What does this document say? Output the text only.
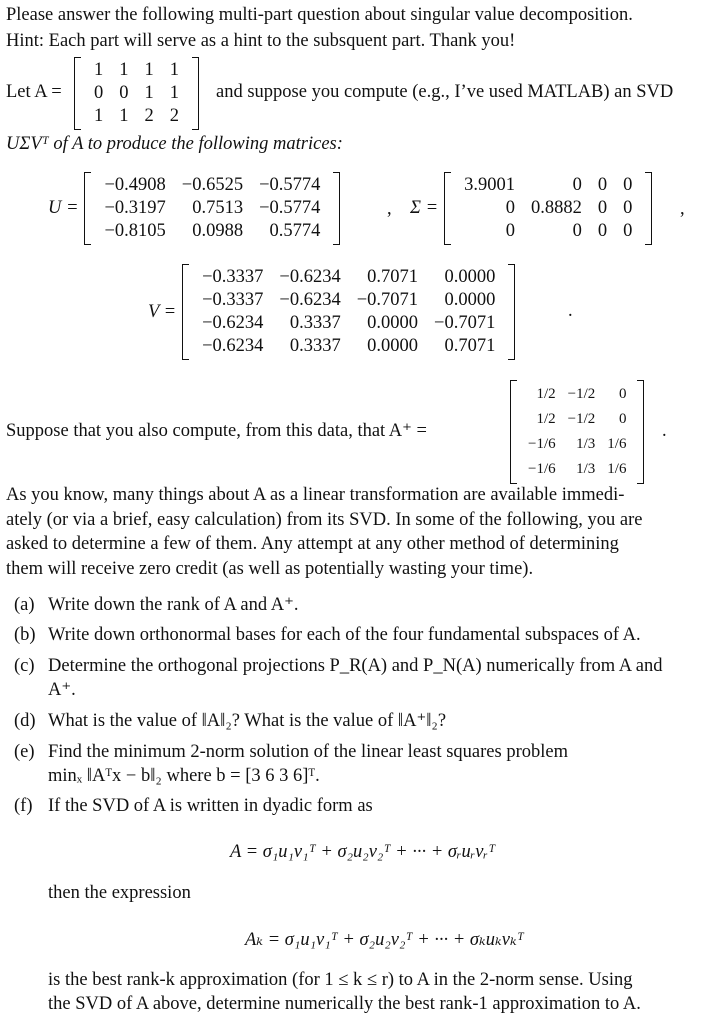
Please answer the following multi-part question about singular value decomposition.
Hint: Each part will serve as a hint to the subsquent part. Thank you!
Let A =
1	1	1	1
0	0	1	1
1	1	2	2
and suppose you compute (e.g., I’ve used MATLAB) an SVD
UΣVᵀ of A to produce the following matrices:
U =
−0.4908	−0.6525	−0.5774
−0.3197	0.7513	−0.5774
−0.8105	0.0988	0.5774
, Σ =
3.9001	0	0	0
0	0.8882	0	0
0	0	0	0
,
V =
−0.3337	−0.6234	0.7071	0.0000
−0.3337	−0.6234	−0.7071	0.0000
−0.6234	0.3337	0.0000	−0.7071
−0.6234	0.3337	0.0000	0.7071
.
Suppose that you also compute, from this data, that A⁺ =
1/2	−1/2	0
1/2	−1/2	0
−1/6	1/3	1/6
−1/6	1/3	1/6
.
As you know, many things about A as a linear transformation are available immedi-
ately (or via a brief, easy calculation) from its SVD. In some of the following, you are
asked to determine a few of them. Any attempt at any other method of determining
them will receive zero credit (as well as potentially wasting your time).
(a) Write down the rank of A and A⁺.
(b) Write down orthonormal bases for each of the four fundamental subspaces of A.
(c) Determine the orthogonal projections P_R(A) and P_N(A) numerically from A and
A⁺.
(d) What is the value of ‖A‖₂? What is the value of ‖A⁺‖₂?
(e) Find the minimum 2-norm solution of the linear least squares problem
minₓ ‖Aᵀx − b‖₂ where b = [3 6 3 6]ᵀ.
(f) If the SVD of A is written in dyadic form as
A = σ₁u₁v₁ᵀ + σ₂u₂v₂ᵀ + ··· + σᵣuᵣvᵣᵀ
then the expression
Aₖ = σ₁u₁v₁ᵀ + σ₂u₂v₂ᵀ + ··· + σₖuₖvₖᵀ
is the best rank-k approximation (for 1 ≤ k ≤ r) to A in the 2-norm sense. Using
the SVD of A above, determine numerically the best rank-1 approximation to A.
